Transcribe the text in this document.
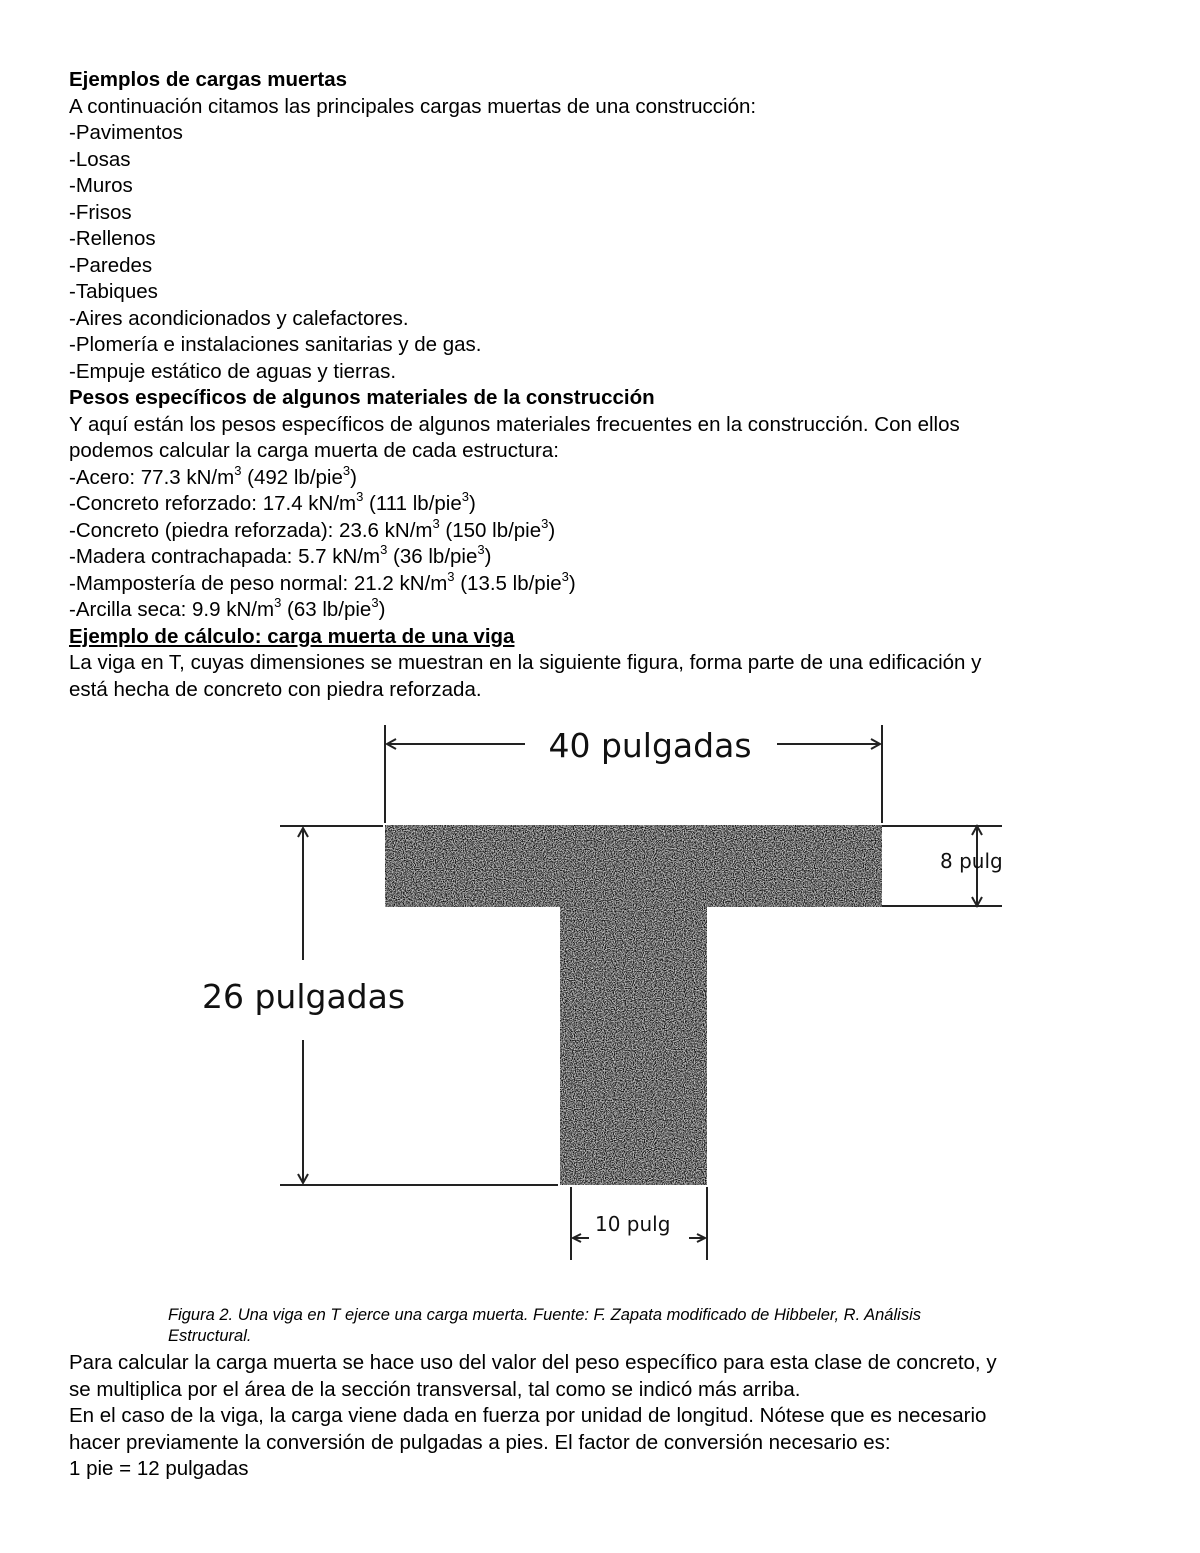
Ejemplos de cargas muertas
A continuación citamos las principales cargas muertas de una construcción:
-Pavimentos
-Losas
-Muros
-Frisos
-Rellenos
-Paredes
-Tabiques
-Aires acondicionados y calefactores.
-Plomería e instalaciones sanitarias y de gas.
-Empuje estático de aguas y tierras.
Pesos específicos de algunos materiales de la construcción
Y aquí están los pesos específicos de algunos materiales frecuentes en la construcción. Con ellos
podemos calcular la carga muerta de cada estructura:
-Acero: 77.3 $kN/m^3$ (492 lb/pie$^3$)
-Concreto reforzado: 17.4 $kN/m^3$ (111 lb/pie$^3$)
-Concreto (piedra reforzada): 23.6 $kN/m^3$ (150 lb/pie$^3$)
-Madera contrachapada: 5.7 $kN/m^3$ (36 lb/pie$^3$)
-Mampostería de peso normal: 21.2 $kN/m^3$ (13.5 lb/pie$^3$)
-Arcilla seca: 9.9 $kN/m^3$ (63 lb/pie$^3$)
Ejemplo de cálculo: carga muerta de una viga
La viga en T, cuyas dimensiones se muestran en la siguiente figura, forma parte de una edificación y
está hecha de concreto con piedra reforzada.
40 pulgadas
8 pulg
26 pulgadas
10 pulg
Figura 2. Una viga en T ejerce una carga muerta. Fuente: F. Zapata modificado de Hibbeler, R. Análisis
Estructural.
Para calcular la carga muerta se hace uso del valor del peso específico para esta clase de concreto, y
se multiplica por el área de la sección transversal, tal como se indicó más arriba.
En el caso de la viga, la carga viene dada en fuerza por unidad de longitud. Nótese que es necesario
hacer previamente la conversión de pulgadas a pies. El factor de conversión necesario es:
1 pie = 12 pulgadas
